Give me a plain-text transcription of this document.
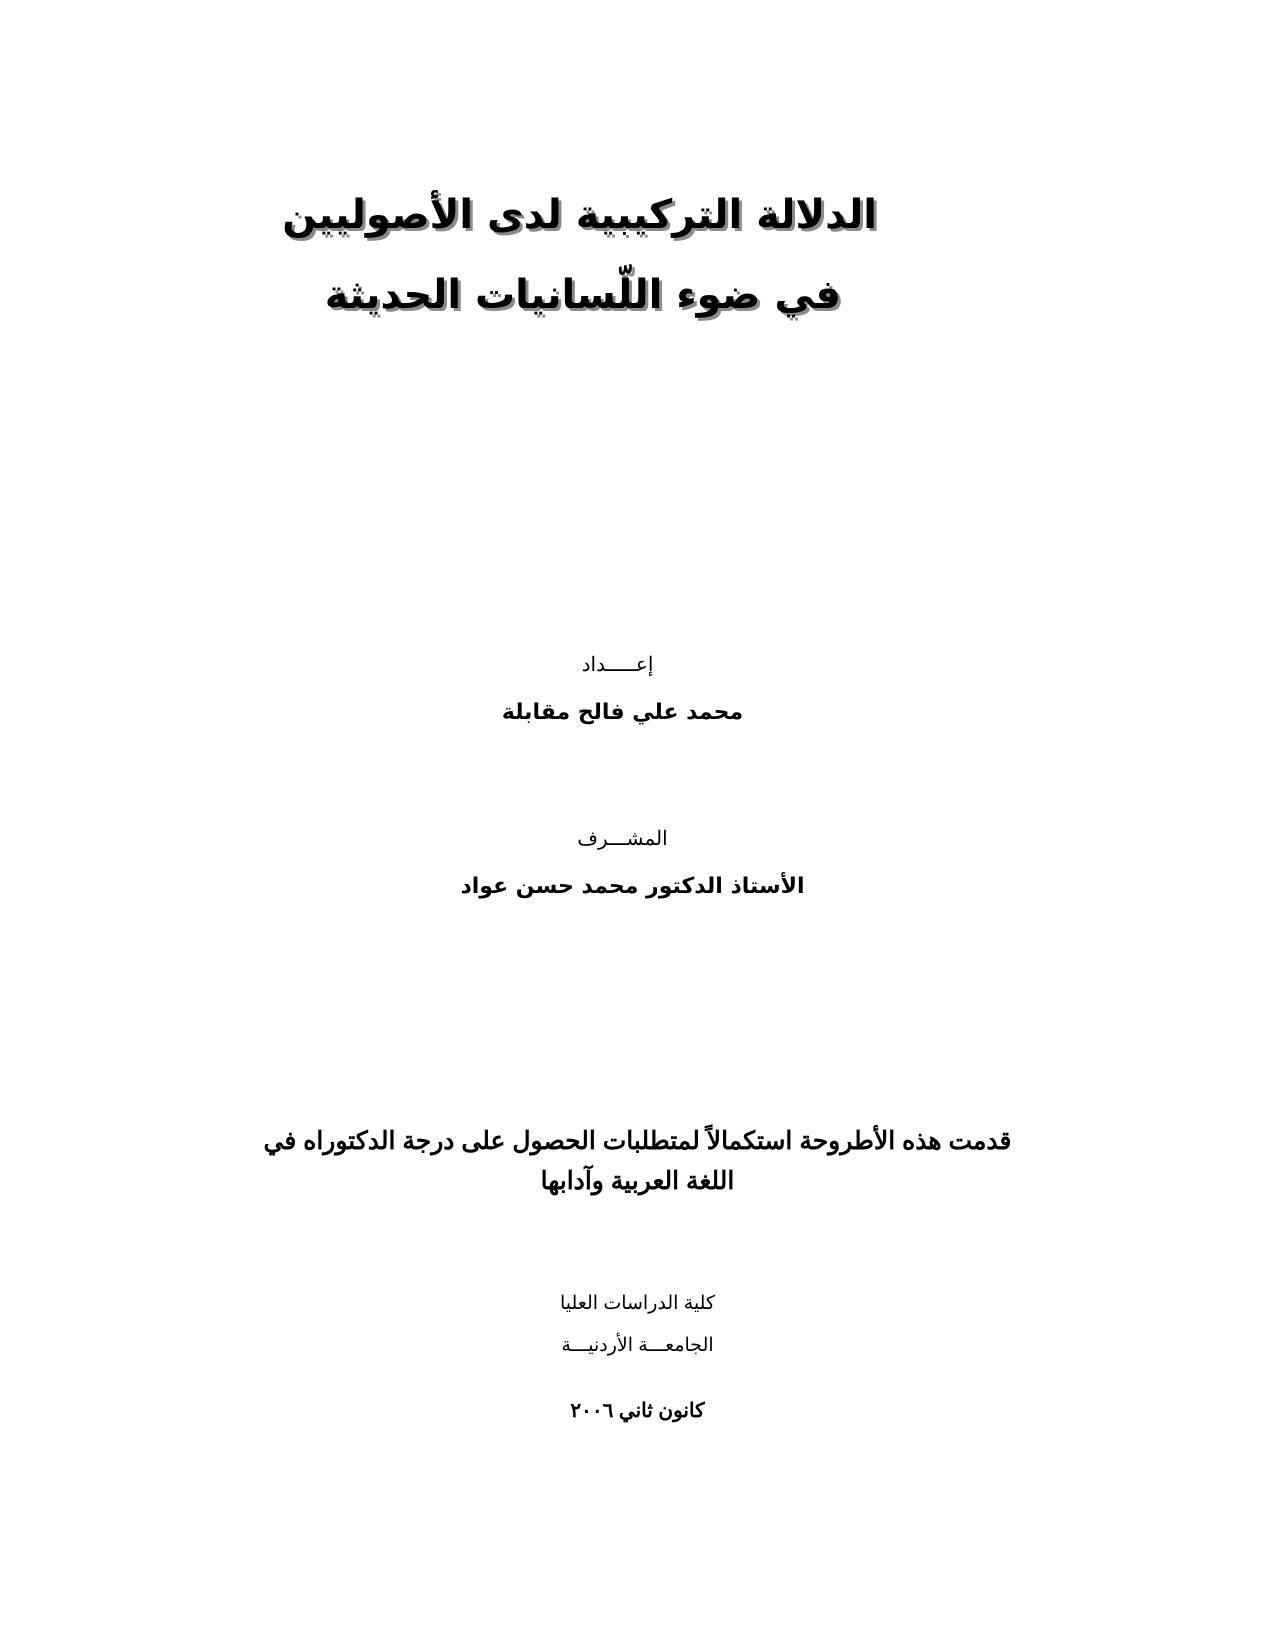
الدلالة التركيبية لدى الأصوليين
في ضوء اللّسانيات الحديثة
إعـــــداد
محمد علي فالح مقابلة
المشـــرف
الأستاذ الدكتور محمد حسن عواد
قدمت هذه الأطروحة استكمالاً لمتطلبات الحصول على درجة الدكتوراه في
اللغة العربية وآدابها
كلية الدراسات العليا
الجامعـــة الأردنيـــة
كانون ثاني ٢٠٠٦
